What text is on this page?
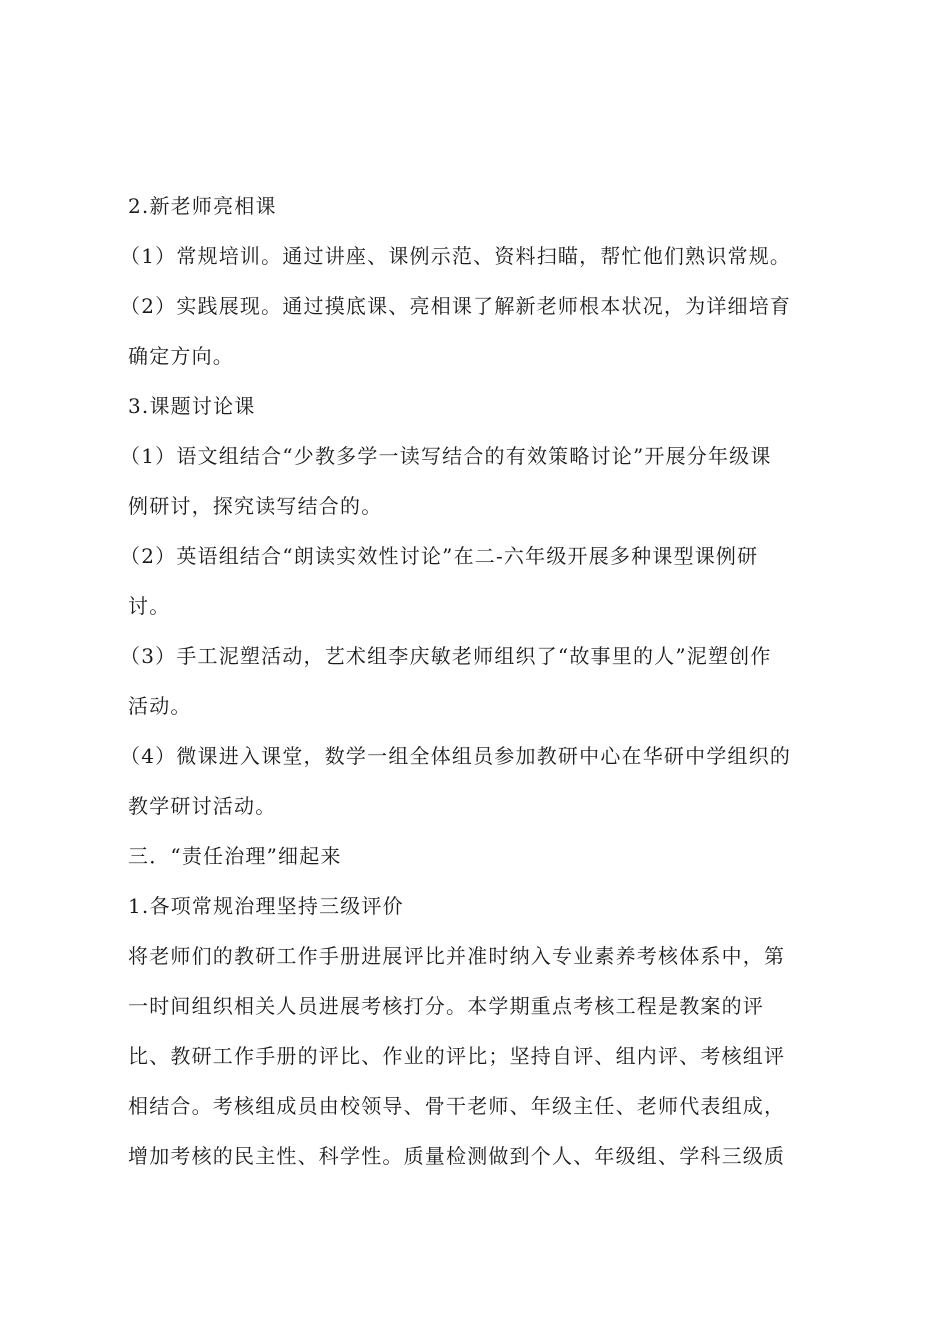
2.新老师亮相课
（1）常规培训。通过讲座、课例示范、资料扫瞄，帮忙他们熟识常规。
（2）实践展现。通过摸底课、亮相课了解新老师根本状况，为详细培育
确定方向。
3.课题讨论课
（1）语文组结合“少教多学一读写结合的有效策略讨论”开展分年级课
例研讨，探究读写结合的。
（2）英语组结合“朗读实效性讨论”在二-六年级开展多种课型课例研
讨。
（3）手工泥塑活动，艺术组李庆敏老师组织了“故事里的人”泥塑创作
活动。
（4）微课进入课堂，数学一组全体组员参加教研中心在华研中学组织的
教学研讨活动。
三．“责任治理”细起来
1.各项常规治理坚持三级评价
将老师们的教研工作手册进展评比并准时纳入专业素养考核体系中，第
一时间组织相关人员进展考核打分。本学期重点考核工程是教案的评
比、教研工作手册的评比、作业的评比；坚持自评、组内评、考核组评
相结合。考核组成员由校领导、骨干老师、年级主任、老师代表组成，
增加考核的民主性、科学性。质量检测做到个人、年级组、学科三级质
